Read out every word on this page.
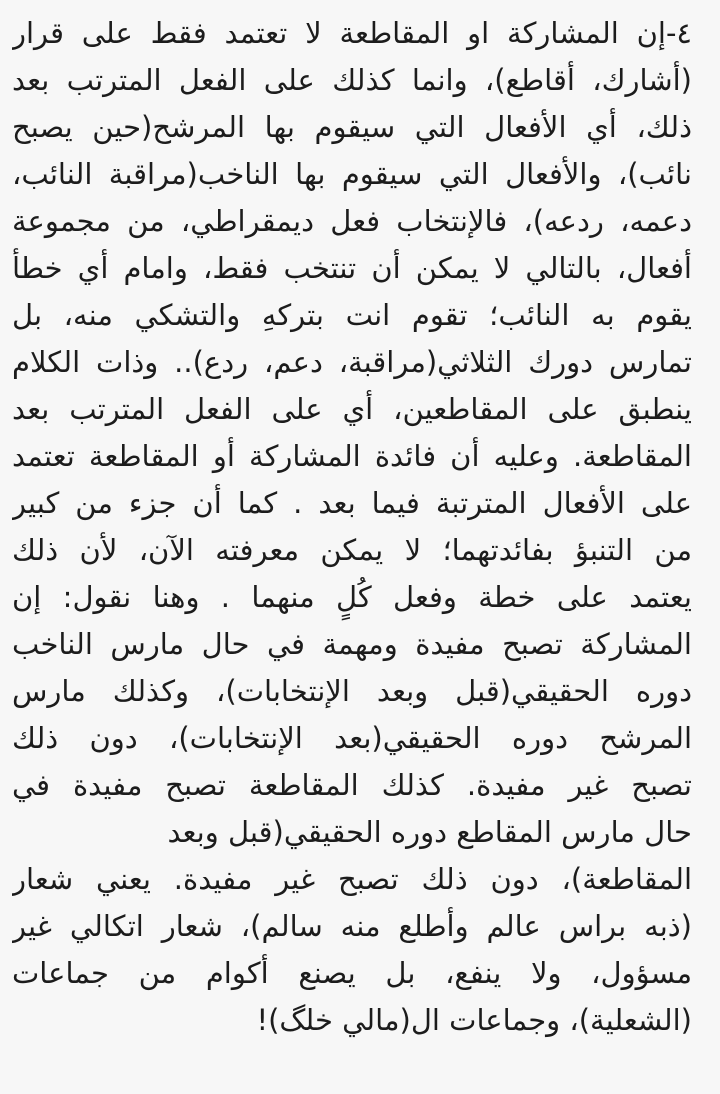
٤-إن المشاركة او المقاطعة لا تعتمد فقط على قرار
(أشارك، أقاطع)، وانما كذلك على الفعل المترتب بعد
ذلك، أي الأفعال التي سيقوم بها المرشح(حين يصبح
نائب)، والأفعال التي سيقوم بها الناخب(مراقبة النائب،
دعمه، ردعه)، فالإنتخاب فعل ديمقراطي، من مجموعة
أفعال، بالتالي لا يمكن أن تنتخب فقط، وامام أي خطأ
يقوم به النائب؛ تقوم انت بتركهِ والتشكي منه، بل
تمارس دورك الثلاثي(مراقبة، دعم، ردع).. وذات الكلام
ينطبق على المقاطعين، أي على الفعل المترتب بعد
المقاطعة. وعليه أن فائدة المشاركة أو المقاطعة تعتمد
على الأفعال المترتبة فيما بعد . كما أن جزء من كبير
من التنبؤ بفائدتهما؛ لا يمكن معرفته الآن، لأن ذلك
يعتمد على خطة وفعل كُلٍ منهما . وهنا نقول: إن
المشاركة تصبح مفيدة ومهمة في حال مارس الناخب
دوره الحقيقي(قبل وبعد الإنتخابات)، وكذلك مارس
المرشح دوره الحقيقي(بعد الإنتخابات)، دون ذلك
تصبح غير مفيدة. كذلك المقاطعة تصبح مفيدة في
حال مارس المقاطع دوره الحقيقي(قبل وبعد
المقاطعة)، دون ذلك تصبح غير مفيدة. يعني شعار
(ذبه براس عالم وأطلع منه سالم)، شعار اتكالي غير
مسؤول، ولا ينفع، بل يصنع أكوام من جماعات
(الشعلية)، وجماعات ال(مالي خلگ)!
